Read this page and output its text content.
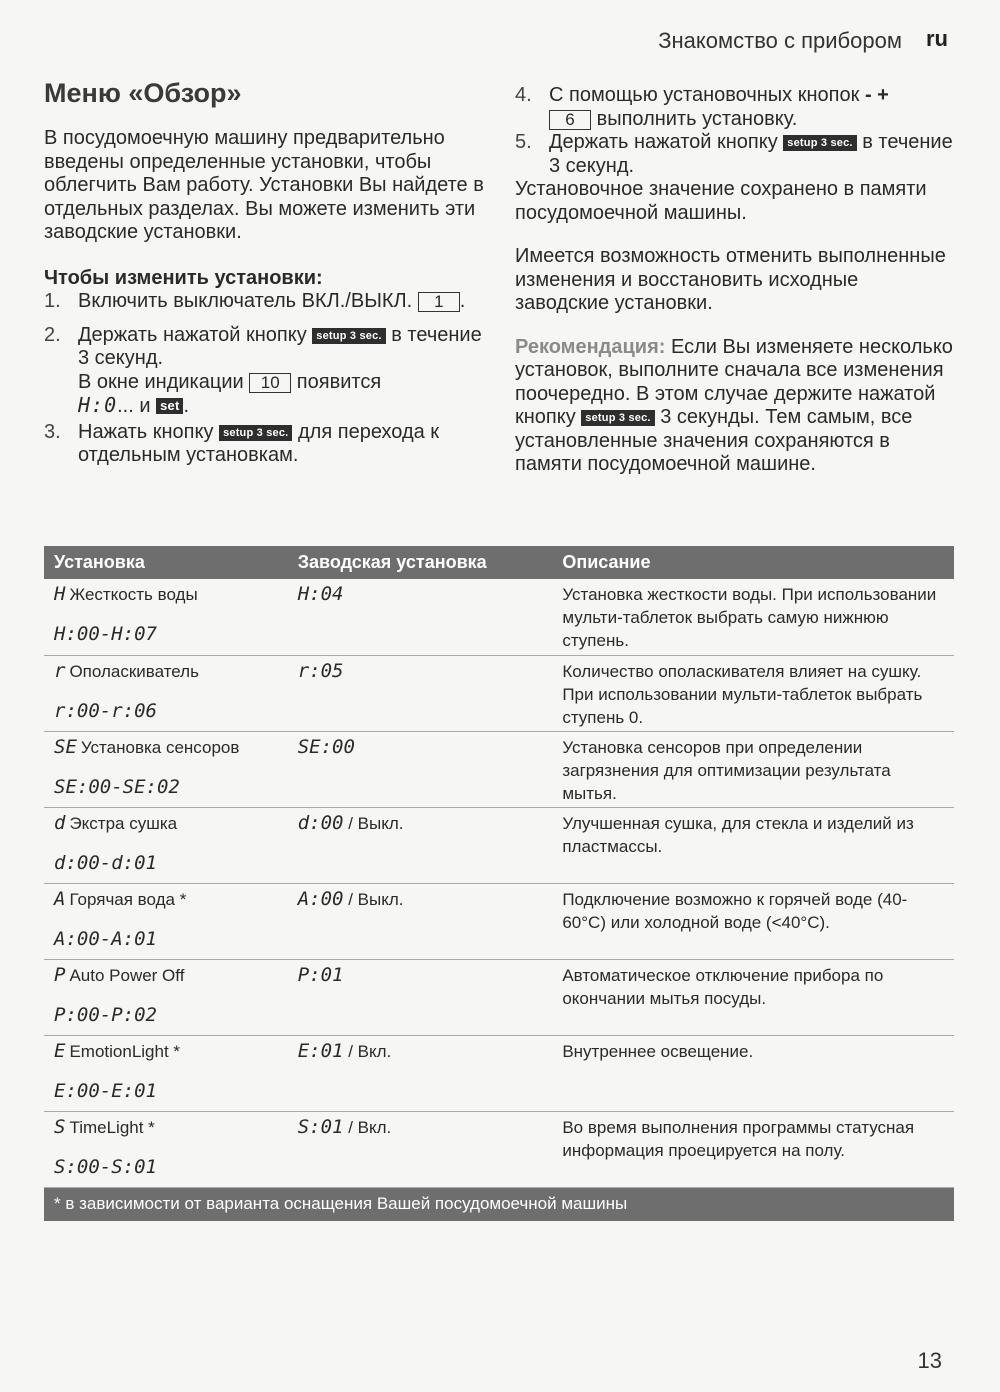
Знакомство с прибором ru
Меню «Обзор»

В посудомоечную машину предварительно введены определенные установки, чтобы облегчить Вам работу. Установки Вы найдете в отдельных разделах. Вы можете изменить эти заводские установки.

Чтобы изменить установки:

1. Включить выключатель ВКЛ./ВЫКЛ. 1 .
2. Держать нажатой кнопку setup 3 sec. в течение 3 секунд.
В окне индикации 10 появится
H:0... и set .
3. Нажать кнопку setup 3 sec. для перехода к отдельным установкам.
4. С помощью установочных кнопок - +
6 выполнить установку.
5. Держать нажатой кнопку setup 3 sec. в течение 3 секунд.

Установочное значение сохранено в памяти посудомоечной машины.

Имеется возможность отменить выполненные изменения и восстановить исходные заводские установки.

Рекомендация: Если Вы изменяете несколько установок, выполните сначала все изменения поочередно. В этом случае держите нажатой кнопку setup 3 sec. 3 секунды. Тем самым, все установленные значения сохраняются в памяти посудомоечной машине.

Установка	Заводская установка	Описание

H Жесткость воды
H:00-H:07	H:04	Установка жесткости воды. При использовании мульти-таблеток выбрать самую нижнюю ступень.

r Ополаскиватель
r:00-r:06	r:05	Количество ополаскивателя влияет на сушку. При использовании мульти-таблеток выбрать ступень 0.

SE Установка сенсоров
SE:00-SE:02	SE:00	Установка сенсоров при определении загрязнения для оптимизации результата мытья.

d Экстра сушка
d:00-d:01	d:00 / Выкл.	Улучшенная сушка, для стекла и изделий из пластмассы.

A Горячая вода *
A:00-A:01	A:00 / Выкл.	Подключение возможно к горячей воде (40-60°C) или холодной воде (<40°C).

P Auto Power Off
P:00-P:02	P:01	Автоматическое отключение прибора по окончании мытья посуды.

E EmotionLight *
E:00-E:01	E:01 / Вкл.	Внутреннее освещение.

S TimeLight *
S:00-S:01	S:01 / Вкл.	Во время выполнения программы статусная информация проецируется на полу.
* в зависимости от варианта оснащения Вашей посудомоечной машины		
13
